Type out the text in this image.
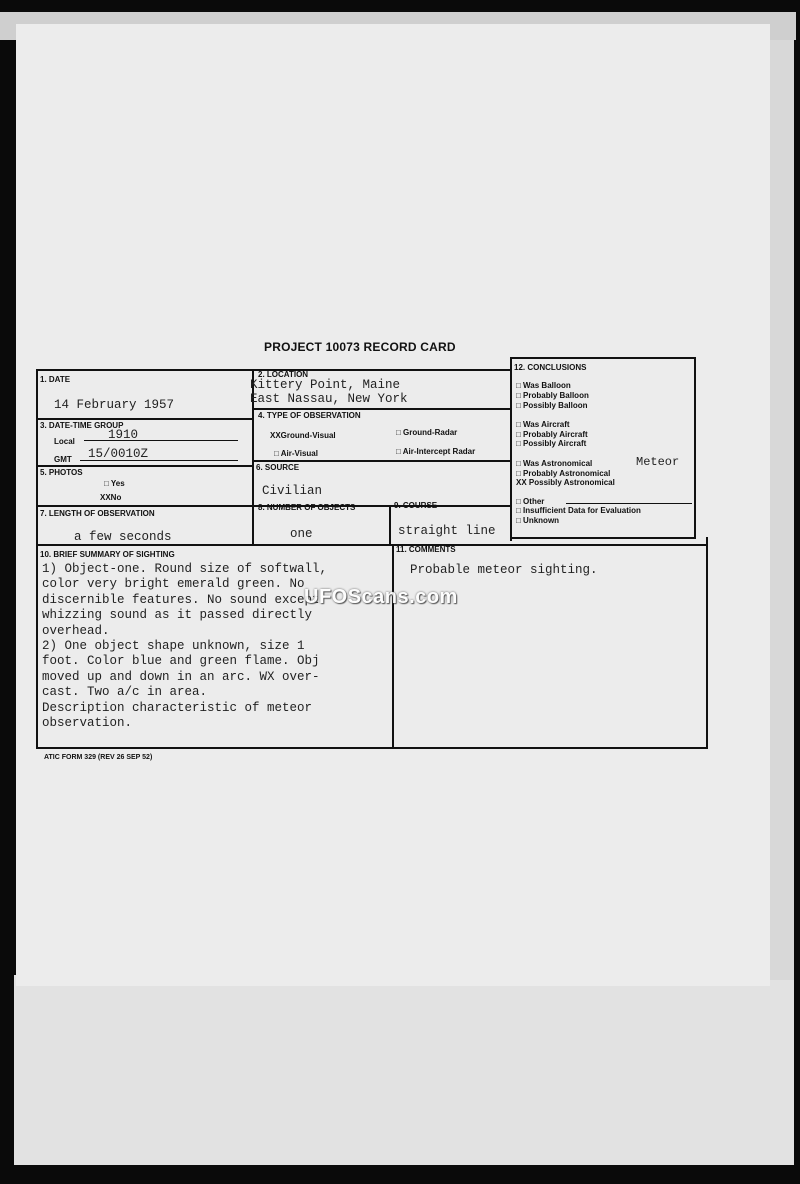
PROJECT 10073 RECORD CARD
1. DATE
14 February 1957
2. LOCATION
Kittery Point, Maine
East Nassau, New York
3. DATE-TIME GROUP
Local	1910
GMT 15/0010Z
4. TYPE OF OBSERVATION
XXGround-Visual	□ Ground-Radar
□ Air-Visual	□ Air-Intercept Radar
5. PHOTOS
□ Yes
XXNo
6. SOURCE
Civilian
7. LENGTH OF OBSERVATION
a few seconds
8. NUMBER OF OBJECTS
one
9. COURSE
straight line
12. CONCLUSIONS
□ Was Balloon
□ Probably Balloon
□ Possibly Balloon
□ Was Aircraft
□ Probably Aircraft
□ Possibly Aircraft
□ Was Astronomical	Meteor
□ Probably Astronomical
XX Possibly Astronomical
□ Other
□ Insufficient Data for Evaluation
□ Unknown
10. BRIEF SUMMARY OF SIGHTING
1) Object-one. Round size of softwall,
color very bright emerald green. No
discernible features. No sound except
whizzing sound as it passed directly
overhead.
2) One object shape unknown, size 1
foot. Color blue and green flame. Obj
moved up and down in an arc. WX over-
cast. Two a/c in area.
Description characteristic of meteor
observation.
11. COMMENTS
Probable meteor sighting.
UFOScans.com
ATIC FORM 329 (REV 26 SEP 52)
